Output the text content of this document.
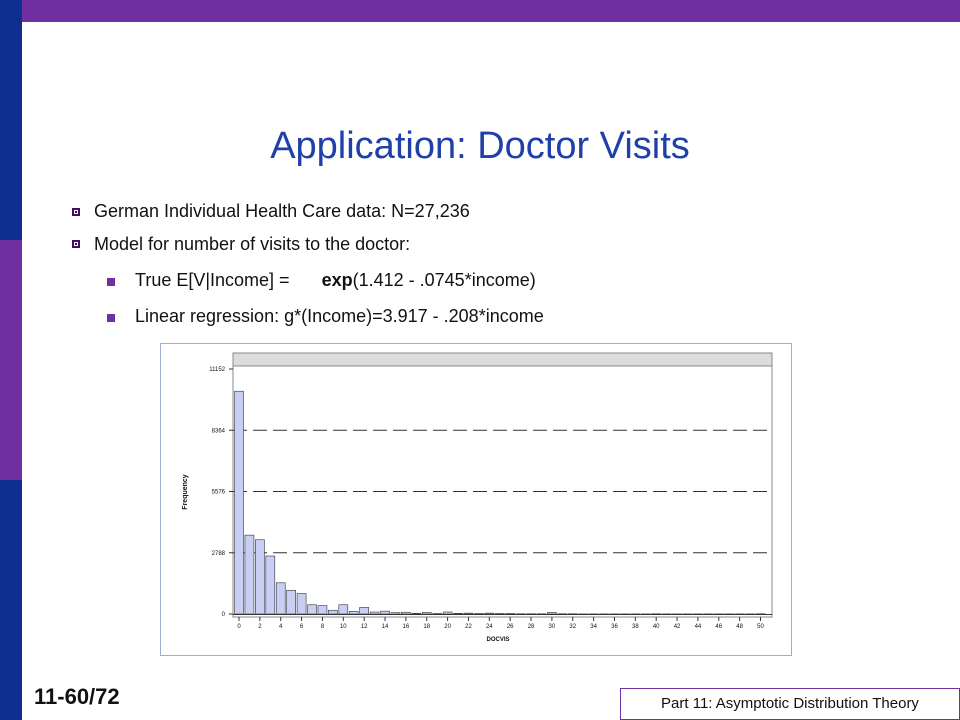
Application: Doctor Visits
German Individual Health Care data: N=27,236
Model for number of visits to the doctor:
True E[V|Income] = exp(1.412 - .0745*income)
Linear regression: g*(Income)=3.917 - .208*income
0
2788
5576
8364
11152
0	2	4	6	8	10 12 14 16 18 20 22 24 26 28 30 32 34 36 38 40 42 44 46 48 50
DOCVIS
Frequency
11-60/72	Part 11: Asymptotic Distribution Theory
